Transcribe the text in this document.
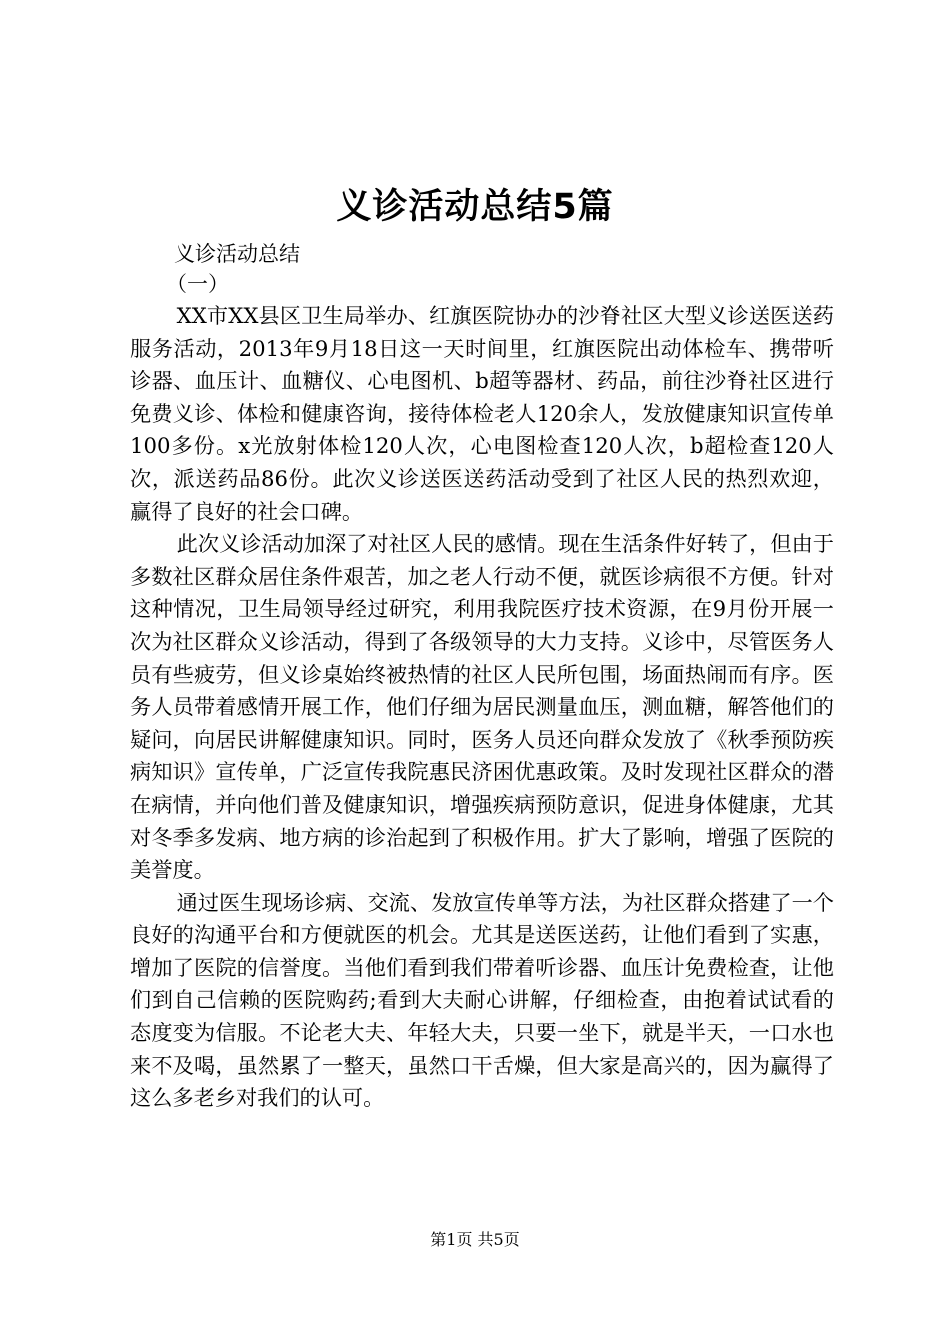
义诊活动总结5篇
义诊活动总结
（一）

XX市XX县区卫生局举办、红旗医院协办的沙脊社区大型义诊送医送药服务活动，2013年9月18日这一天时间里，红旗医院出动体检车、携带听诊器、血压计、血糖仪、心电图机、b超等器材、药品，前往沙脊社区进行免费义诊、体检和健康咨询，接待体检老人120余人，发放健康知识宣传单100多份。x光放射体检120人次，心电图检查120人次，b超检查120人次，派送药品86份。此次义诊送医送药活动受到了社区人民的热烈欢迎，赢得了良好的社会口碑。

此次义诊活动加深了对社区人民的感情。现在生活条件好转了，但由于多数社区群众居住条件艰苦，加之老人行动不便，就医诊病很不方便。针对这种情况，卫生局领导经过研究，利用我院医疗技术资源，在9月份开展一次为社区群众义诊活动，得到了各级领导的大力支持。义诊中，尽管医务人员有些疲劳，但义诊桌始终被热情的社区人民所包围，场面热闹而有序。医务人员带着感情开展工作，他们仔细为居民测量血压，测血糖，解答他们的疑问，向居民讲解健康知识。同时，医务人员还向群众发放了《秋季预防疾病知识》宣传单，广泛宣传我院惠民济困优惠政策。及时发现社区群众的潜在病情，并向他们普及健康知识，增强疾病预防意识，促进身体健康，尤其对冬季多发病、地方病的诊治起到了积极作用。扩大了影响，增强了医院的美誉度。

通过医生现场诊病、交流、发放宣传单等方法，为社区群众搭建了一个良好的沟通平台和方便就医的机会。尤其是送医送药，让他们看到了实惠，增加了医院的信誉度。当他们看到我们带着听诊器、血压计免费检查，让他们到自己信赖的医院购药;看到大夫耐心讲解，仔细检查，由抱着试试看的态度变为信服。不论老大夫、年轻大夫，只要一坐下，就是半天，一口水也来不及喝，虽然累了一整天，虽然口干舌燥，但大家是高兴的，因为赢得了这么多老乡对我们的认可。

第1页 共5页
